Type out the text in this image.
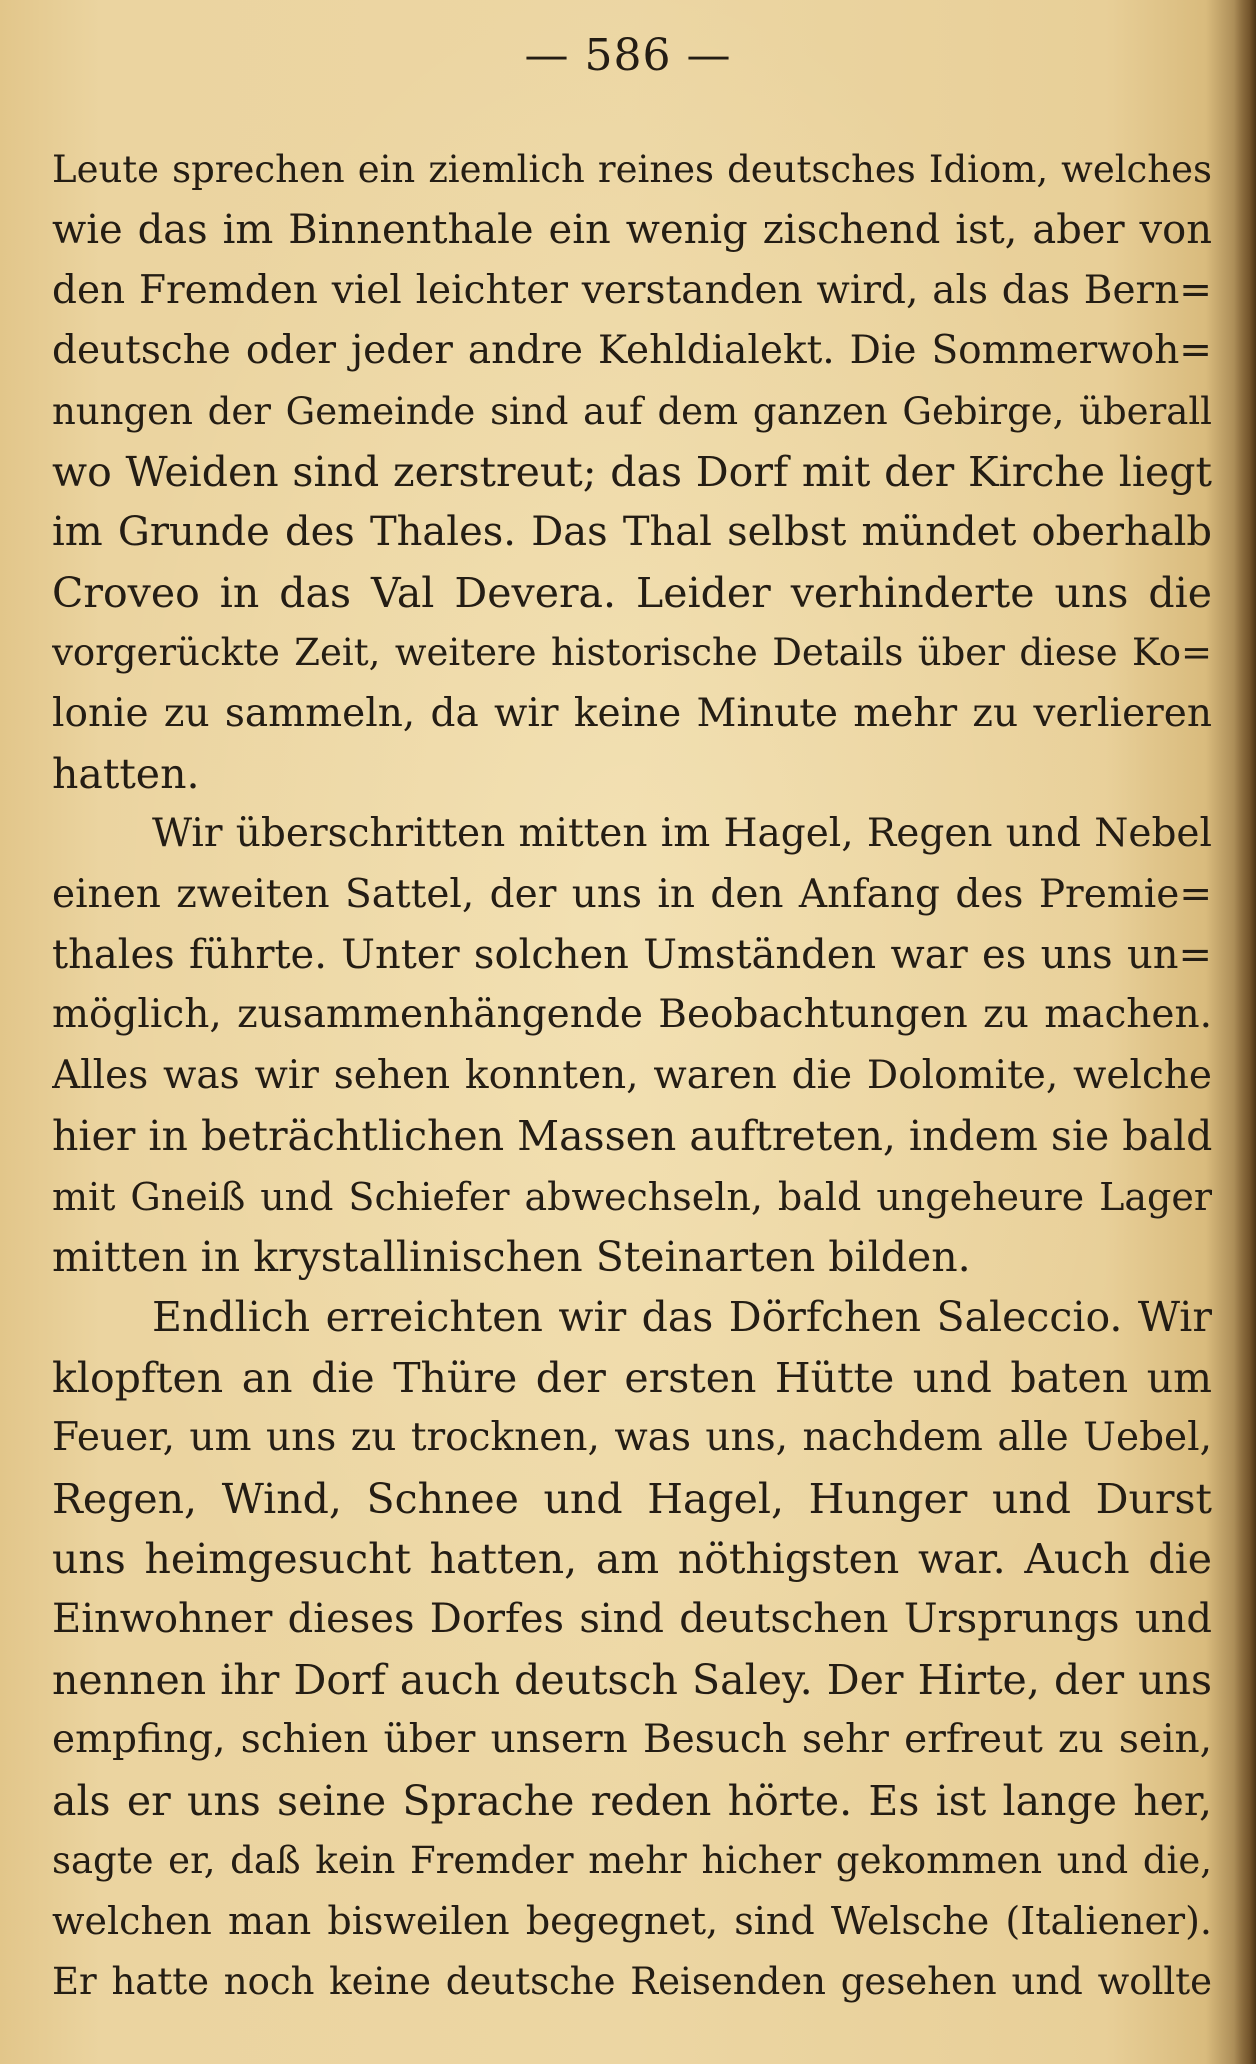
— 586 —
Leute sprechen ein ziemlich reines deutsches Idiom, welches
wie das im Binnenthale ein wenig zischend ist, aber von
den Fremden viel leichter verstanden wird, als das Bern=
deutsche oder jeder andre Kehldialekt. Die Sommerwoh=
nungen der Gemeinde sind auf dem ganzen Gebirge, überall
wo Weiden sind zerstreut; das Dorf mit der Kirche liegt
im Grunde des Thales. Das Thal selbst mündet oberhalb
Croveo in das Val Devera. Leider verhinderte uns die
vorgerückte Zeit, weitere historische Details über diese Ko=
lonie zu sammeln, da wir keine Minute mehr zu verlieren
hatten.
Wir überschritten mitten im Hagel, Regen und Nebel
einen zweiten Sattel, der uns in den Anfang des Premie=
thales führte. Unter solchen Umständen war es uns un=
möglich, zusammenhängende Beobachtungen zu machen.
Alles was wir sehen konnten, waren die Dolomite, welche
hier in beträchtlichen Massen auftreten, indem sie bald
mit Gneiß und Schiefer abwechseln, bald ungeheure Lager
mitten in krystallinischen Steinarten bilden.
Endlich erreichten wir das Dörfchen Saleccio. Wir
klopften an die Thüre der ersten Hütte und baten um
Feuer, um uns zu trocknen, was uns, nachdem alle Uebel,
Regen, Wind, Schnee und Hagel, Hunger und Durst
uns heimgesucht hatten, am nöthigsten war. Auch die
Einwohner dieses Dorfes sind deutschen Ursprungs und
nennen ihr Dorf auch deutsch Saley. Der Hirte, der uns
empfing, schien über unsern Besuch sehr erfreut zu sein,
als er uns seine Sprache reden hörte. Es ist lange her,
sagte er, daß kein Fremder mehr hicher gekommen und die,
welchen man bisweilen begegnet, sind Welsche (Italiener).
Er hatte noch keine deutsche Reisenden gesehen und wollte
